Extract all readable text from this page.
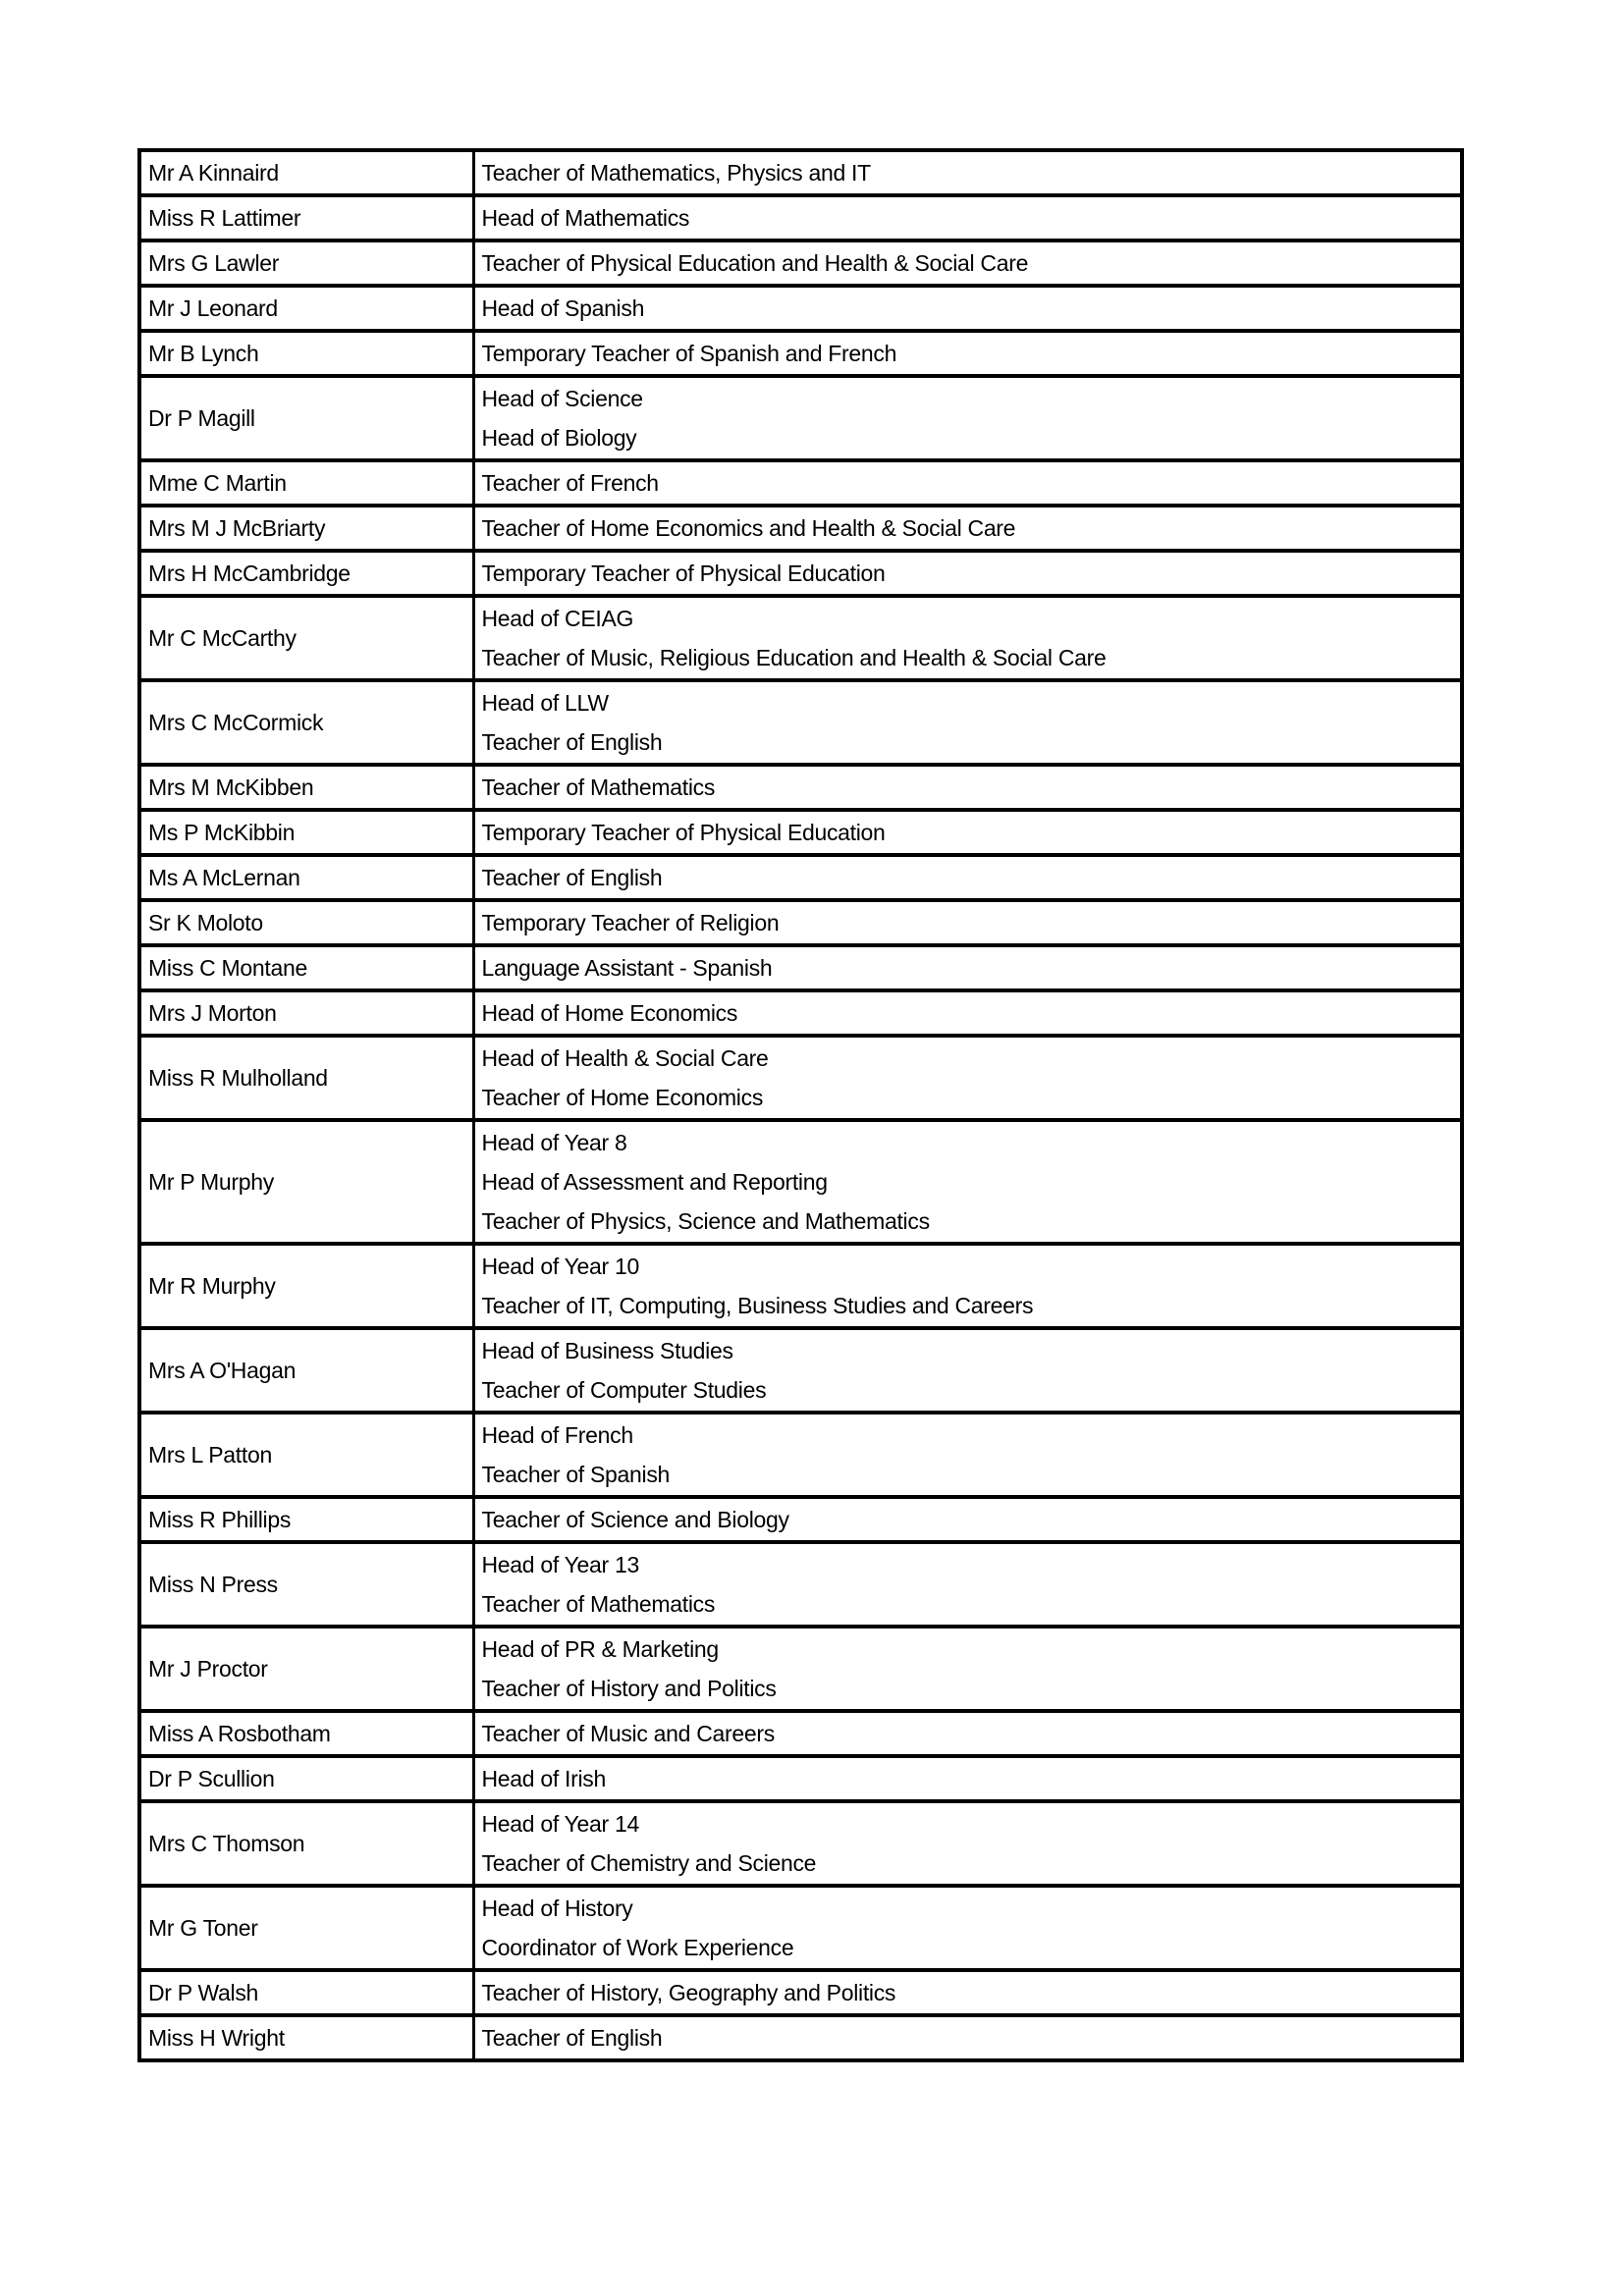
Mr A Kinnaird	Teacher of Mathematics, Physics and IT

Miss R Lattimer	Head of Mathematics

Mrs G Lawler	Teacher of Physical Education and Health & Social Care

Mr J Leonard	Head of Spanish

Mr B Lynch	Temporary Teacher of Spanish and French

Dr P Magill	Head of Science
Head of Biology

Mme C Martin	Teacher of French

Mrs M J McBriarty	Teacher of Home Economics and Health & Social Care

Mrs H McCambridge	Temporary Teacher of Physical Education

Mr C McCarthy	Head of CEIAG
Teacher of Music, Religious Education and Health & Social Care

Mrs C McCormick	Head of LLW
Teacher of English

Mrs M McKibben	Teacher of Mathematics

Ms P McKibbin	Temporary Teacher of Physical Education

Ms A McLernan	Teacher of English

Sr K Moloto	Temporary Teacher of Religion

Miss C Montane	Language Assistant - Spanish

Mrs J Morton	Head of Home Economics

Miss R Mulholland	Head of Health & Social Care
Teacher of Home Economics

Mr P Murphy	Head of Year 8
Head of Assessment and Reporting
Teacher of Physics, Science and Mathematics

Mr R Murphy	Head of Year 10
Teacher of IT, Computing, Business Studies and Careers

Mrs A O'Hagan	Head of Business Studies
Teacher of Computer Studies

Mrs L Patton	Head of French
Teacher of Spanish

Miss R Phillips	Teacher of Science and Biology

Miss N Press	Head of Year 13
Teacher of Mathematics

Mr J Proctor	Head of PR & Marketing
Teacher of History and Politics

Miss A Rosbotham	Teacher of Music and Careers

Dr P Scullion	Head of Irish

Mrs C Thomson	Head of Year 14
Teacher of Chemistry and Science

Mr G Toner	Head of History
Coordinator of Work Experience

Dr P Walsh	Teacher of History, Geography and Politics

Miss H Wright	Teacher of English
